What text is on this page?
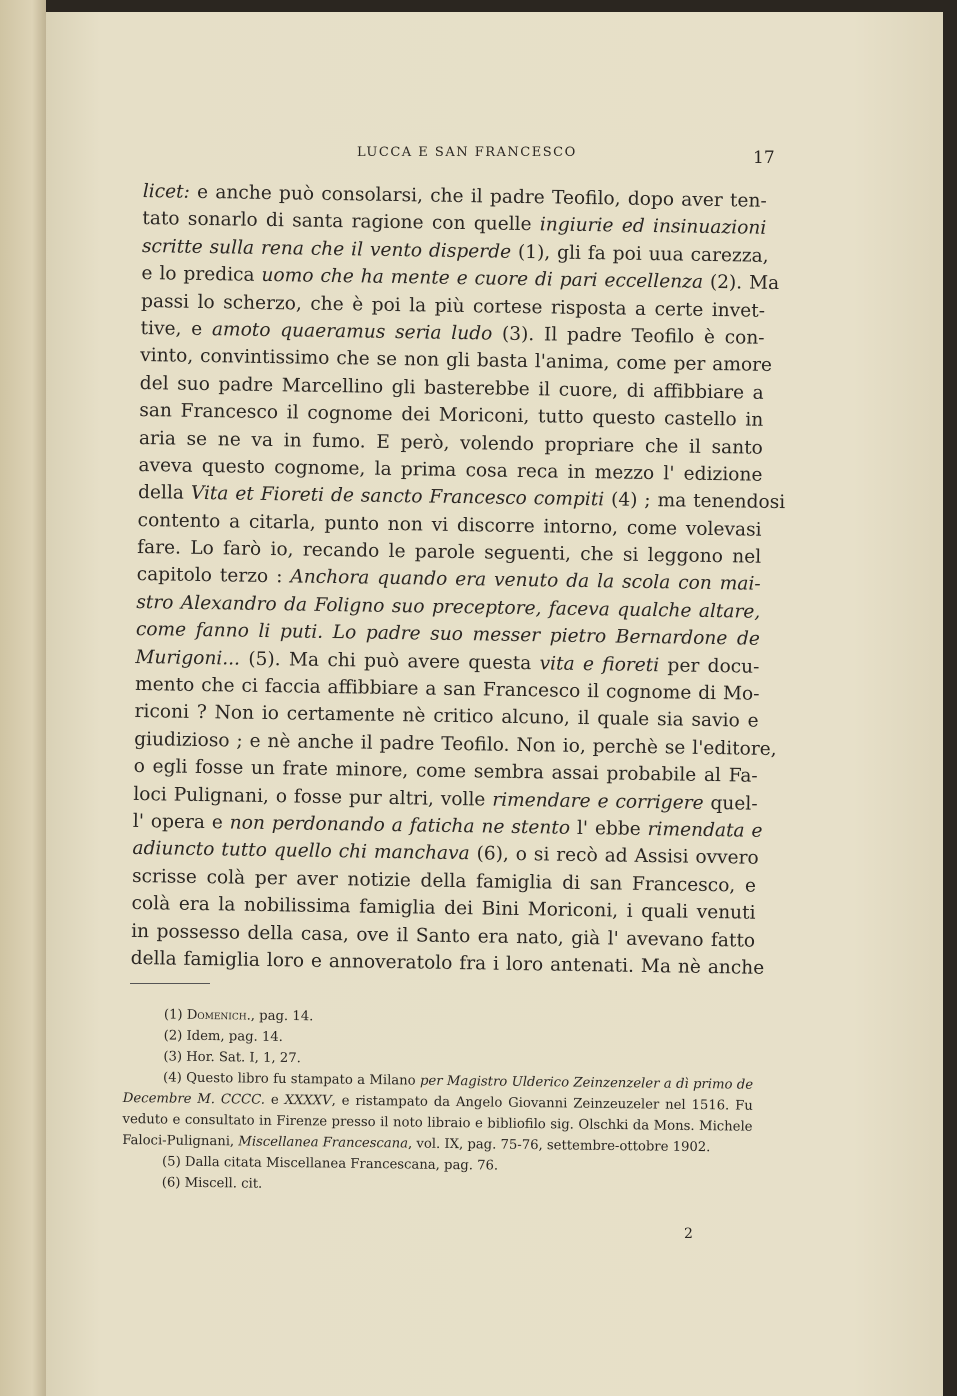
LUCCA E SAN FRANCESCO	17
licet: e anche può consolarsi, che il padre Teofilo, dopo aver ten-
tato sonarlo di santa ragione con quelle ingiurie ed insinuazioni
scritte sulla rena che il vento disperde (1), gli fa poi uua carezza,
e lo predica uomo che ha mente e cuore di pari eccellenza (2). Ma
passi lo scherzo, che è poi la più cortese risposta a certe invet-
tive, e amoto quaeramus seria ludo (3). Il padre Teofilo è con-
vinto, convintissimo che se non gli basta l'anima, come per amore
del suo padre Marcellino gli basterebbe il cuore, di affibbiare a
san Francesco il cognome dei Moriconi, tutto questo castello in
aria se ne va in fumo. E però, volendo propriare che il santo
aveva questo cognome, la prima cosa reca in mezzo l' edizione
della Vita et Fioreti de sancto Francesco compiti (4) ; ma tenendosi
contento a citarla, punto non vi discorre intorno, come volevasi
fare. Lo farò io, recando le parole seguenti, che si leggono nel
capitolo terzo : Anchora quando era venuto da la scola con mai-
stro Alexandro da Foligno suo preceptore, faceva qualche altare,
come fanno li puti. Lo padre suo messer pietro Bernardone de
Murigoni... (5). Ma chi può avere questa vita e fioreti per docu-
mento che ci faccia affibbiare a san Francesco il cognome di Mo-
riconi ? Non io certamente nè critico alcuno, il quale sia savio e
giudizioso ; e nè anche il padre Teofilo. Non io, perchè se l'editore,
o egli fosse un frate minore, come sembra assai probabile al Fa-
loci Pulignani, o fosse pur altri, volle rimendare e corrigere quel-
l' opera e non perdonando a faticha ne stento l' ebbe rimendata e
adiuncto tutto quello chi manchava (6), o si recò ad Assisi ovvero
scrisse colà per aver notizie della famiglia di san Francesco, e
colà era la nobilissima famiglia dei Bini Moriconi, i quali venuti
in possesso della casa, ove il Santo era nato, già l' avevano fatto
della famiglia loro e annoveratolo fra i loro antenati. Ma nè anche
(1) Domenich., pag. 14.
(2) Idem, pag. 14.
(3) Hor. Sat. I, 1, 27.
(4) Questo libro fu stampato a Milano per Magistro Ulderico Zeinzenzeler a dì primo de Decembre M. CCCC. e XXXXV, e ristampato da Angelo Giovanni Zeinzeuzeler nel 1516. Fu veduto e consultato in Firenze presso il noto libraio e bibliofilo sig. Olschki da Mons. Michele Faloci-Pulignani, Miscellanea Francescana, vol. IX, pag. 75-76, settembre-ottobre 1902.
(5) Dalla citata Miscellanea Francescana, pag. 76.
(6) Miscell. cit.
2
